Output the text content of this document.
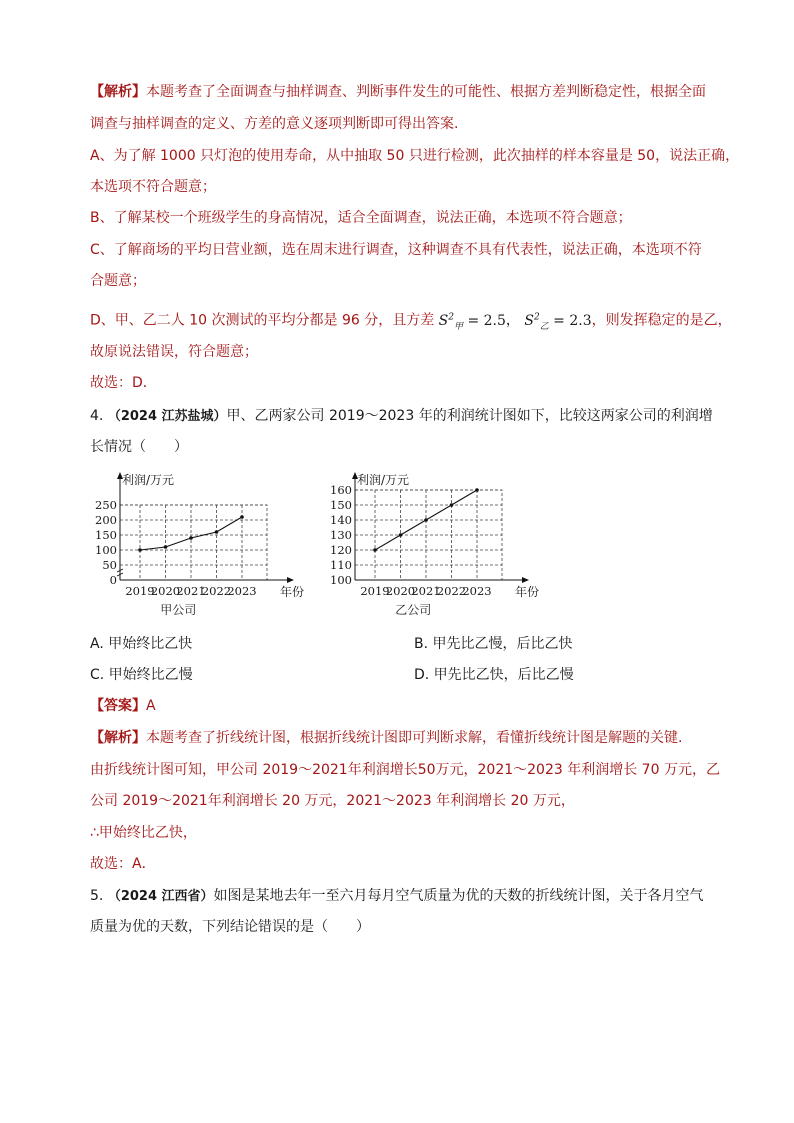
【解析】本题考查了全面调查与抽样调查、判断事件发生的可能性、根据方差判断稳定性，根据全面
调查与抽样调查的定义、方差的意义逐项判断即可得出答案.
A、为了解 1000 只灯泡的使用寿命，从中抽取 50 只进行检测，此次抽样的样本容量是 50，说法正确，
本选项不符合题意；
B、了解某校一个班级学生的身高情况，适合全面调查，说法正确，本选项不符合题意；
C、了解商场的平均日营业额，选在周末进行调查，这种调查不具有代表性，说法正确，本选项不符
合题意；
D、甲、乙二人 10 次测试的平均分都是 96 分，且方差 $S^2_甲 = 2.5$， $S^2_乙 = 2.3$，则发挥稳定的是乙，
故原说法错误，符合题意；
故选：D．
4. （2024 江苏盐城）甲、乙两家公司 2019～2023 年的利润统计图如下，比较这两家公司的利润增
长情况（　　）
0
50
100
150
200
250
2019
2020
2021
2022
2023
利润/万元
年份
甲公司
100
110
120
130
140
150
160
2019
2020
2021
2022
2023
利润/万元
年份
乙公司
A. 甲始终比乙快	B. 甲先比乙慢，后比乙快
C. 甲始终比乙慢	D. 甲先比乙快，后比乙慢
【答案】A
【解析】本题考查了折线统计图，根据折线统计图即可判断求解，看懂折线统计图是解题的关键.
由折线统计图可知，甲公司 2019～2021年利润增长50万元，2021～2023 年利润增长 70 万元，乙
公司 2019～2021年利润增长 20 万元，2021～2023 年利润增长 20 万元，
∴甲始终比乙快，
故选：A．
5. （2024 江西省）如图是某地去年一至六月每月空气质量为优的天数的折线统计图，关于各月空气
质量为优的天数，下列结论错误的是（　　）
